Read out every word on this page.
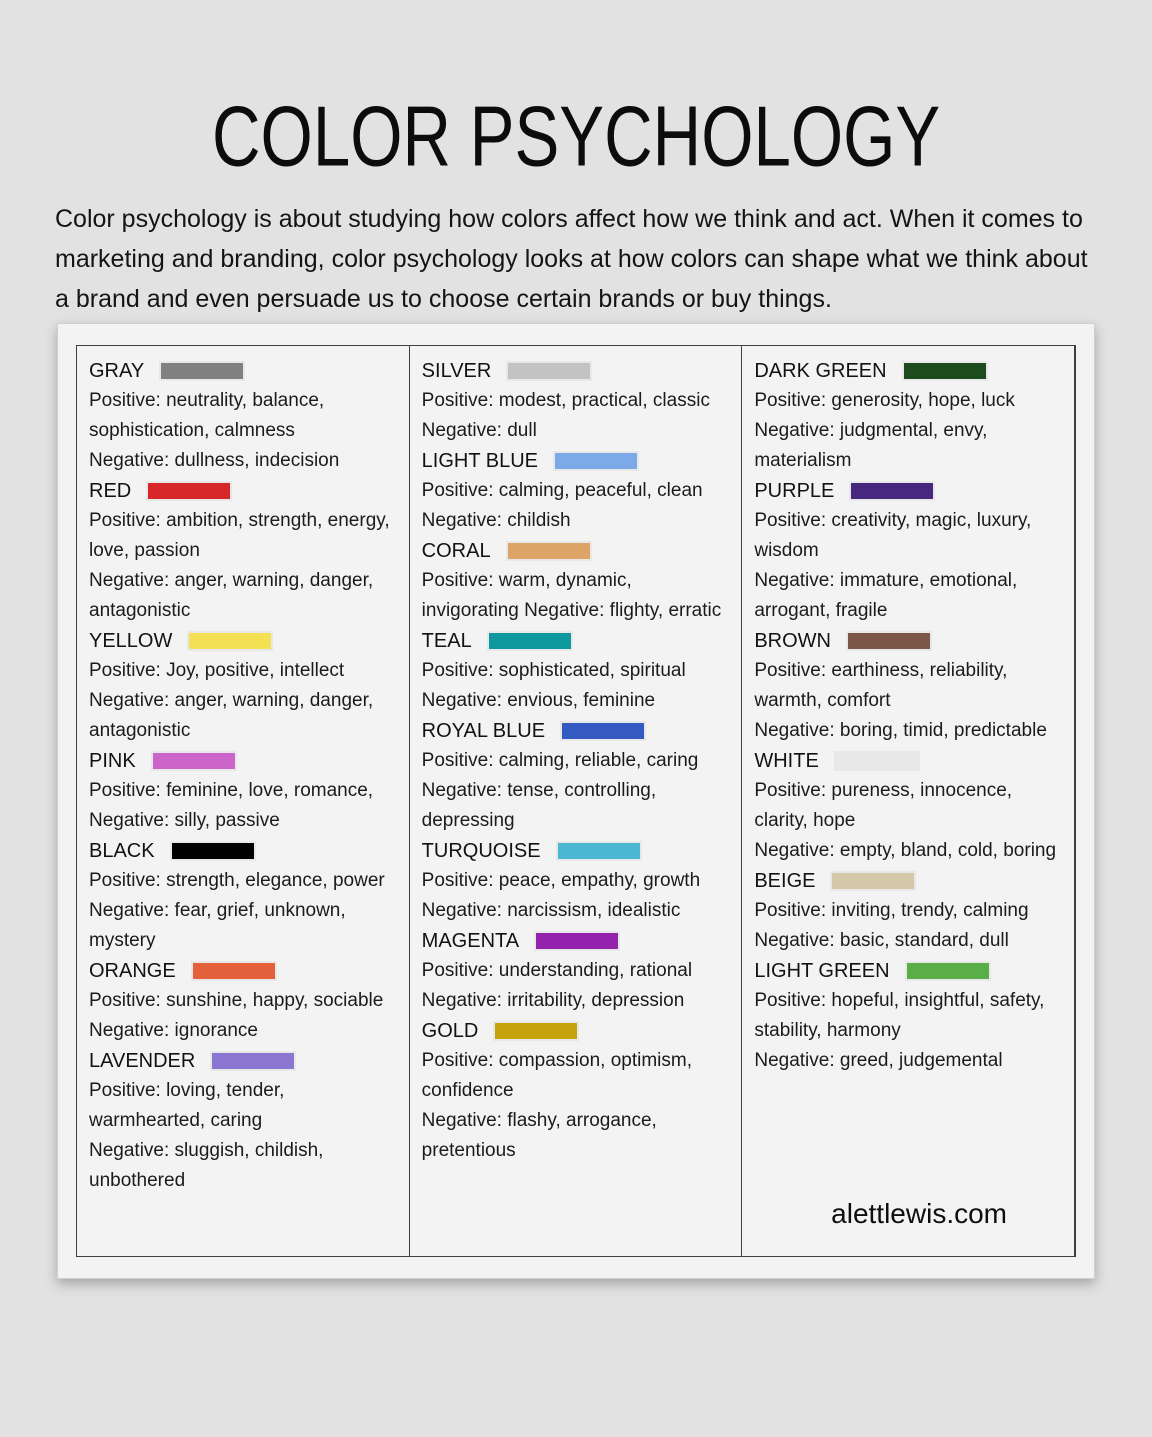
COLOR PSYCHOLOGY

Color psychology is about studying how colors affect how we think and act. When it comes to marketing and branding, color psychology looks at how colors can shape what we think about a brand and even persuade us to choose certain brands or buy things.

GRAY
Positive: neutrality, balance, sophistication, calmness
Negative: dullness, indecision
RED
Positive: ambition, strength, energy, love, passion
Negative: anger, warning, danger, antagonistic
YELLOW
Positive: Joy, positive, intellect
Negative: anger, warning, danger, antagonistic
PINK
Positive: feminine, love, romance,
Negative: silly, passive
BLACK
Positive: strength, elegance, power Negative: fear, grief, unknown, mystery
ORANGE
Positive: sunshine, happy, sociable Negative: ignorance
LAVENDER
Positive: loving, tender, warmhearted, caring
Negative: sluggish, childish, unbothered
SILVER
Positive: modest, practical, classic Negative: dull
LIGHT BLUE
Positive: calming, peaceful, clean
Negative: childish
CORAL
Positive: warm, dynamic, invigorating Negative: flighty, erratic
TEAL
Positive: sophisticated, spiritual
Negative: envious, feminine
ROYAL BLUE
Positive: calming, reliable, caring
Negative: tense, controlling, depressing
TURQUOISE
Positive: peace, empathy, growth
Negative: narcissism, idealistic
MAGENTA
Positive: understanding, rational
Negative: irritability, depression
GOLD
Positive: compassion, optimism, confidence
Negative: flashy, arrogance, pretentious
DARK GREEN
Positive: generosity, hope, luck
Negative: judgmental, envy, materialism
PURPLE
Positive: creativity, magic, luxury, wisdom
Negative: immature, emotional, arrogant, fragile
BROWN
Positive: earthiness, reliability, warmth, comfort
Negative: boring, timid, predictable
WHITE
Positive: pureness, innocence, clarity, hope
Negative: empty, bland, cold, boring
BEIGE
Positive: inviting, trendy, calming
Negative: basic, standard, dull
LIGHT GREEN
Positive: hopeful, insightful, safety, stability, harmony
Negative: greed, judgemental
alettlewis.com
